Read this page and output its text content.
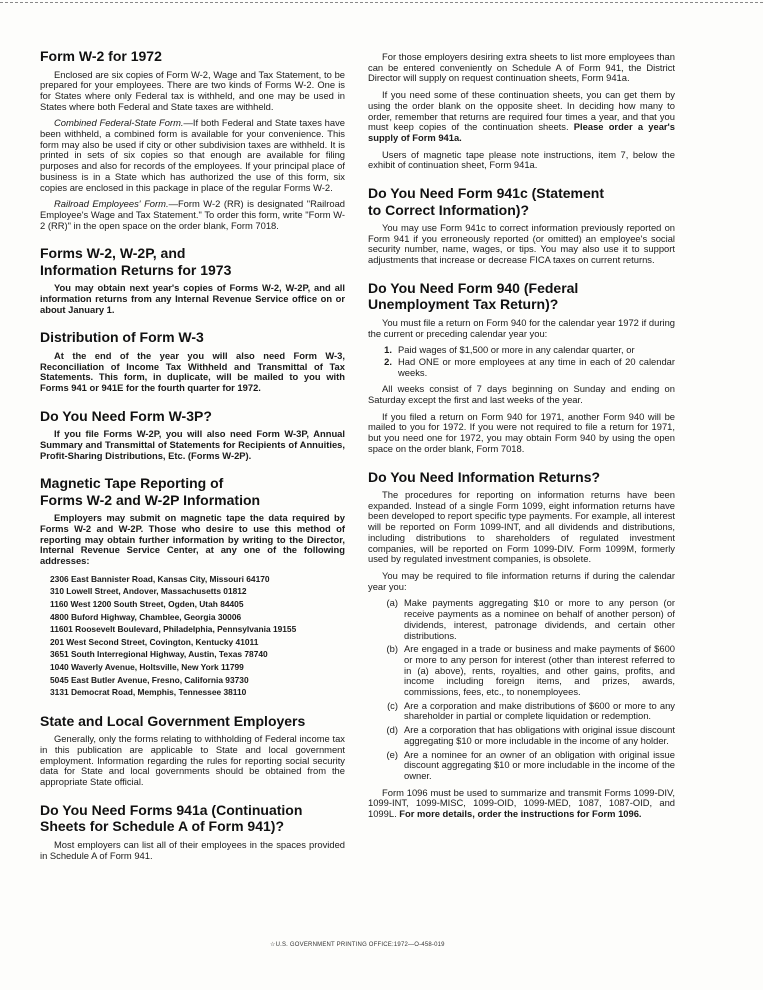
Form W-2 for 1972

Enclosed are six copies of Form W-2, Wage and Tax Statement, to be prepared for your employees. There are two kinds of Forms W-2. One is for States where only Federal tax is withheld, and one may be used in States where both Federal and State taxes are withheld.

Combined Federal-State Form.—If both Federal and State taxes have been withheld, a combined form is available for your convenience. This form may also be used if city or other subdivision taxes are withheld. It is printed in sets of six copies so that enough are available for filing purposes and also for records of the employees. If your principal place of business is in a State which has authorized the use of this form, six copies are enclosed in this package in place of the regular Forms W-2.

Railroad Employees' Form.—Form W-2 (RR) is designated "Railroad Employee's Wage and Tax Statement." To order this form, write "Form W-2 (RR)" in the open space on the order blank, Form 7018.

Forms W-2, W-2P, and
Information Returns for 1973

You may obtain next year's copies of Forms W-2, W-2P, and all information returns from any Internal Revenue Service office on or about January 1.

Distribution of Form W-3

At the end of the year you will also need Form W-3, Reconciliation of Income Tax Withheld and Transmittal of Tax Statements. This form, in duplicate, will be mailed to you with Forms 941 or 941E for the fourth quarter for 1972.

Do You Need Form W-3P?

If you file Forms W-2P, you will also need Form W-3P, Annual Summary and Transmittal of Statements for Recipients of Annuities, Profit-Sharing Distributions, Etc. (Forms W-2P).

Magnetic Tape Reporting of
Forms W-2 and W-2P Information

Employers may submit on magnetic tape the data required by Forms W-2 and W-2P. Those who desire to use this method of reporting may obtain further information by writing to the Director, Internal Revenue Service Center, at any one of the following addresses:

2306 East Bannister Road, Kansas City, Missouri 64170
310 Lowell Street, Andover, Massachusetts 01812
1160 West 1200 South Street, Ogden, Utah 84405
4800 Buford Highway, Chamblee, Georgia 30006
11601 Roosevelt Boulevard, Philadelphia, Pennsylvania 19155
201 West Second Street, Covington, Kentucky 41011
3651 South Interregional Highway, Austin, Texas 78740
1040 Waverly Avenue, Holtsville, New York 11799
5045 East Butler Avenue, Fresno, California 93730
3131 Democrat Road, Memphis, Tennessee 38110
State and Local Government Employers

Generally, only the forms relating to withholding of Federal income tax in this publication are applicable to State and local government employment. Information regarding the rules for reporting social security data for State and local governments should be obtained from the appropriate State official.

Do You Need Forms 941a (Continuation
Sheets for Schedule A of Form 941)?

Most employers can list all of their employees in the spaces provided in Schedule A of Form 941.

For those employers desiring extra sheets to list more employees than can be entered conveniently on Schedule A of Form 941, the District Director will supply on request continuation sheets, Form 941a.

If you need some of these continuation sheets, you can get them by using the order blank on the opposite sheet. In deciding how many to order, remember that returns are required four times a year, and that you must keep copies of the continuation sheets. Please order a year's supply of Form 941a.

Users of magnetic tape please note instructions, item 7, below the exhibit of continuation sheet, Form 941a.

Do You Need Form 941c (Statement
to Correct Information)?

You may use Form 941c to correct information previously reported on Form 941 if you erroneously reported (or omitted) an employee's social security number, name, wages, or tips. You may also use it to support adjustments that increase or decrease FICA taxes on current returns.

Do You Need Form 940 (Federal
Unemployment Tax Return)?

You must file a return on Form 940 for the calendar year 1972 if during the current or preceding calendar year you:

1. Paid wages of $1,500 or more in any calendar quarter, or
2. Had ONE or more employees at any time in each of 20 calendar weeks.

All weeks consist of 7 days beginning on Sunday and ending on Saturday except the first and last weeks of the year.

If you filed a return on Form 940 for 1971, another Form 940 will be mailed to you for 1972. If you were not required to file a return for 1971, but you need one for 1972, you may obtain Form 940 by using the open space on the order blank, Form 7018.

Do You Need Information Returns?

The procedures for reporting on information returns have been expanded. Instead of a single Form 1099, eight information returns have been developed to report specific type payments. For example, all interest will be reported on Form 1099-INT, and all dividends and distributions, including distributions to shareholders of regulated investment companies, will be reported on Form 1099-DIV. Form 1099M, formerly used by regulated investment companies, is obsolete.

You may be required to file information returns if during the calendar year you:

(a) Make payments aggregating $10 or more to any person (or receive payments as a nominee on behalf of another person) of dividends, interest, patronage dividends, and certain other distributions.
(b) Are engaged in a trade or business and make payments of $600 or more to any person for interest (other than interest referred to in (a) above), rents, royalties, and other gains, profits, and income including foreign items, and prizes, awards, commissions, fees, etc., to nonemployees.
(c) Are a corporation and make distributions of $600 or more to any shareholder in partial or complete liquidation or redemption.
(d) Are a corporation that has obligations with original issue discount aggregating $10 or more includable in the income of any holder.
(e) Are a nominee for an owner of an obligation with original issue discount aggregating $10 or more includable in the income of the owner.

Form 1096 must be used to summarize and transmit Forms 1099-DIV, 1099-INT, 1099-MISC, 1099-OID, 1099-MED, 1087, 1087-OID, and 1099L. For more details, order the instructions for Form 1096.

☆U.S. GOVERNMENT PRINTING OFFICE:1972—O-458-019
